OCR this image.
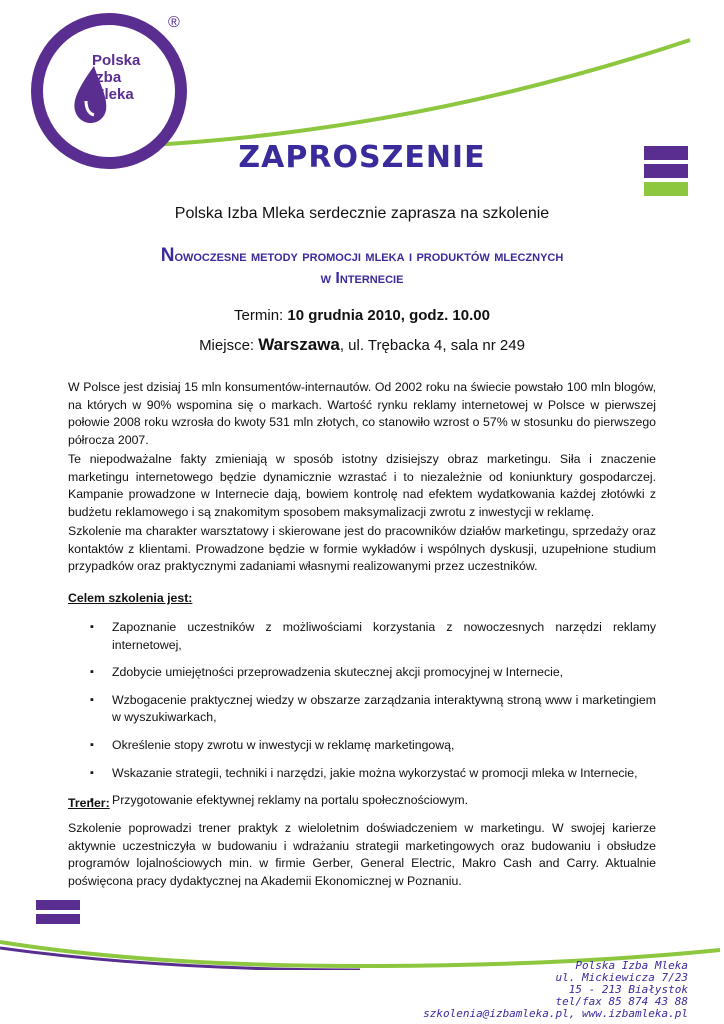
Polska
Izba
Mleka
®
ZAPROSZENIE
Polska Izba Mleka serdecznie zaprasza na szkolenie
Nowoczesne metody promocji mleka i produktów mlecznych
w Internecie
Termin: 10 grudnia 2010, godz. 10.00
Miejsce: Warszawa, ul. Trębacka 4, sala nr 249

W Polsce jest dzisiaj 15 mln konsumentów-internautów. Od 2002 roku na świecie powstało 100 mln blogów, na których w 90% wspomina się o markach. Wartość rynku reklamy internetowej w Polsce w pierwszej połowie 2008 roku wzrosła do kwoty 531 mln złotych, co stanowiło wzrost o 57% w stosunku do pierwszego półrocza 2007.

Te niepodważalne fakty zmieniają w sposób istotny dzisiejszy obraz marketingu. Siła i znaczenie marketingu internetowego będzie dynamicznie wzrastać i to niezależnie od koniunktury gospodarczej. Kampanie prowadzone w Internecie dają, bowiem kontrolę nad efektem wydatkowania każdej złotówki z budżetu reklamowego i są znakomitym sposobem maksymalizacji zwrotu z inwestycji w reklamę.

Szkolenie ma charakter warsztatowy i skierowane jest do pracowników działów marketingu, sprzedaży oraz kontaktów z klientami. Prowadzone będzie w formie wykładów i wspólnych dyskusji, uzupełnione studium przypadków oraz praktycznymi zadaniami własnymi realizowanymi przez uczestników.

Celem szkolenia jest:

▪ Zapoznanie uczestników z możliwościami korzystania z nowoczesnych narzędzi reklamy internetowej,
▪ Zdobycie umiejętności przeprowadzenia skutecznej akcji promocyjnej w Internecie,
▪ Wzbogacenie praktycznej wiedzy w obszarze zarządzania interaktywną stroną www i marketingiem w wyszukiwarkach,
▪ Określenie stopy zwrotu w inwestycji w reklamę marketingową,
▪ Wskazanie strategii, techniki i narzędzi, jakie można wykorzystać w promocji mleka w Internecie,
▪ Przygotowanie efektywnej reklamy na portalu społecznościowym.

Trener:

Szkolenie poprowadzi trener praktyk z wieloletnim doświadczeniem w marketingu. W swojej karierze aktywnie uczestniczyła w budowaniu i wdrażaniu strategii marketingowych oraz budowaniu i obsłudze programów lojalnościowych min. w firmie Gerber, General Electric, Makro Cash and Carry. Aktualnie poświęcona pracy dydaktycznej na Akademii Ekonomicznej w Poznaniu.

Polska Izba Mleka
ul. Mickiewicza 7/23
15 - 213 Białystok
tel/fax 85 874 43 88
szkolenia@izbamleka.pl, www.izbamleka.pl
